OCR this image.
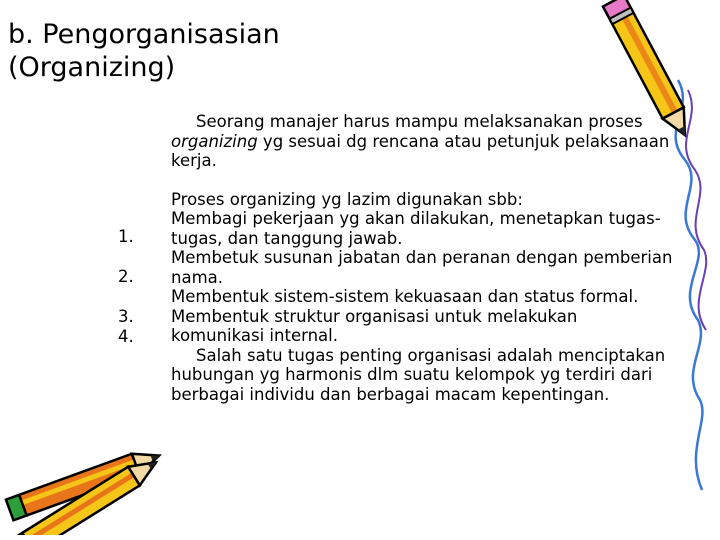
b. Pengorganisasian
(Organizing)
1.
2.
3.
4.
Seorang manajer harus mampu melaksanakan proses
organizing yg sesuai dg rencana atau petunjuk pelaksanaan
kerja.
Proses organizing yg lazim digunakan sbb:
Membagi pekerjaan yg akan dilakukan, menetapkan tugas-
tugas, dan tanggung jawab.
Membetuk susunan jabatan dan peranan dengan pemberian
nama.
Membentuk sistem-sistem kekuasaan dan status formal.
Membentuk struktur organisasi untuk melakukan
komunikasi internal.
Salah satu tugas penting organisasi adalah menciptakan
hubungan yg harmonis dlm suatu kelompok yg terdiri dari
berbagai individu dan berbagai macam kepentingan.
